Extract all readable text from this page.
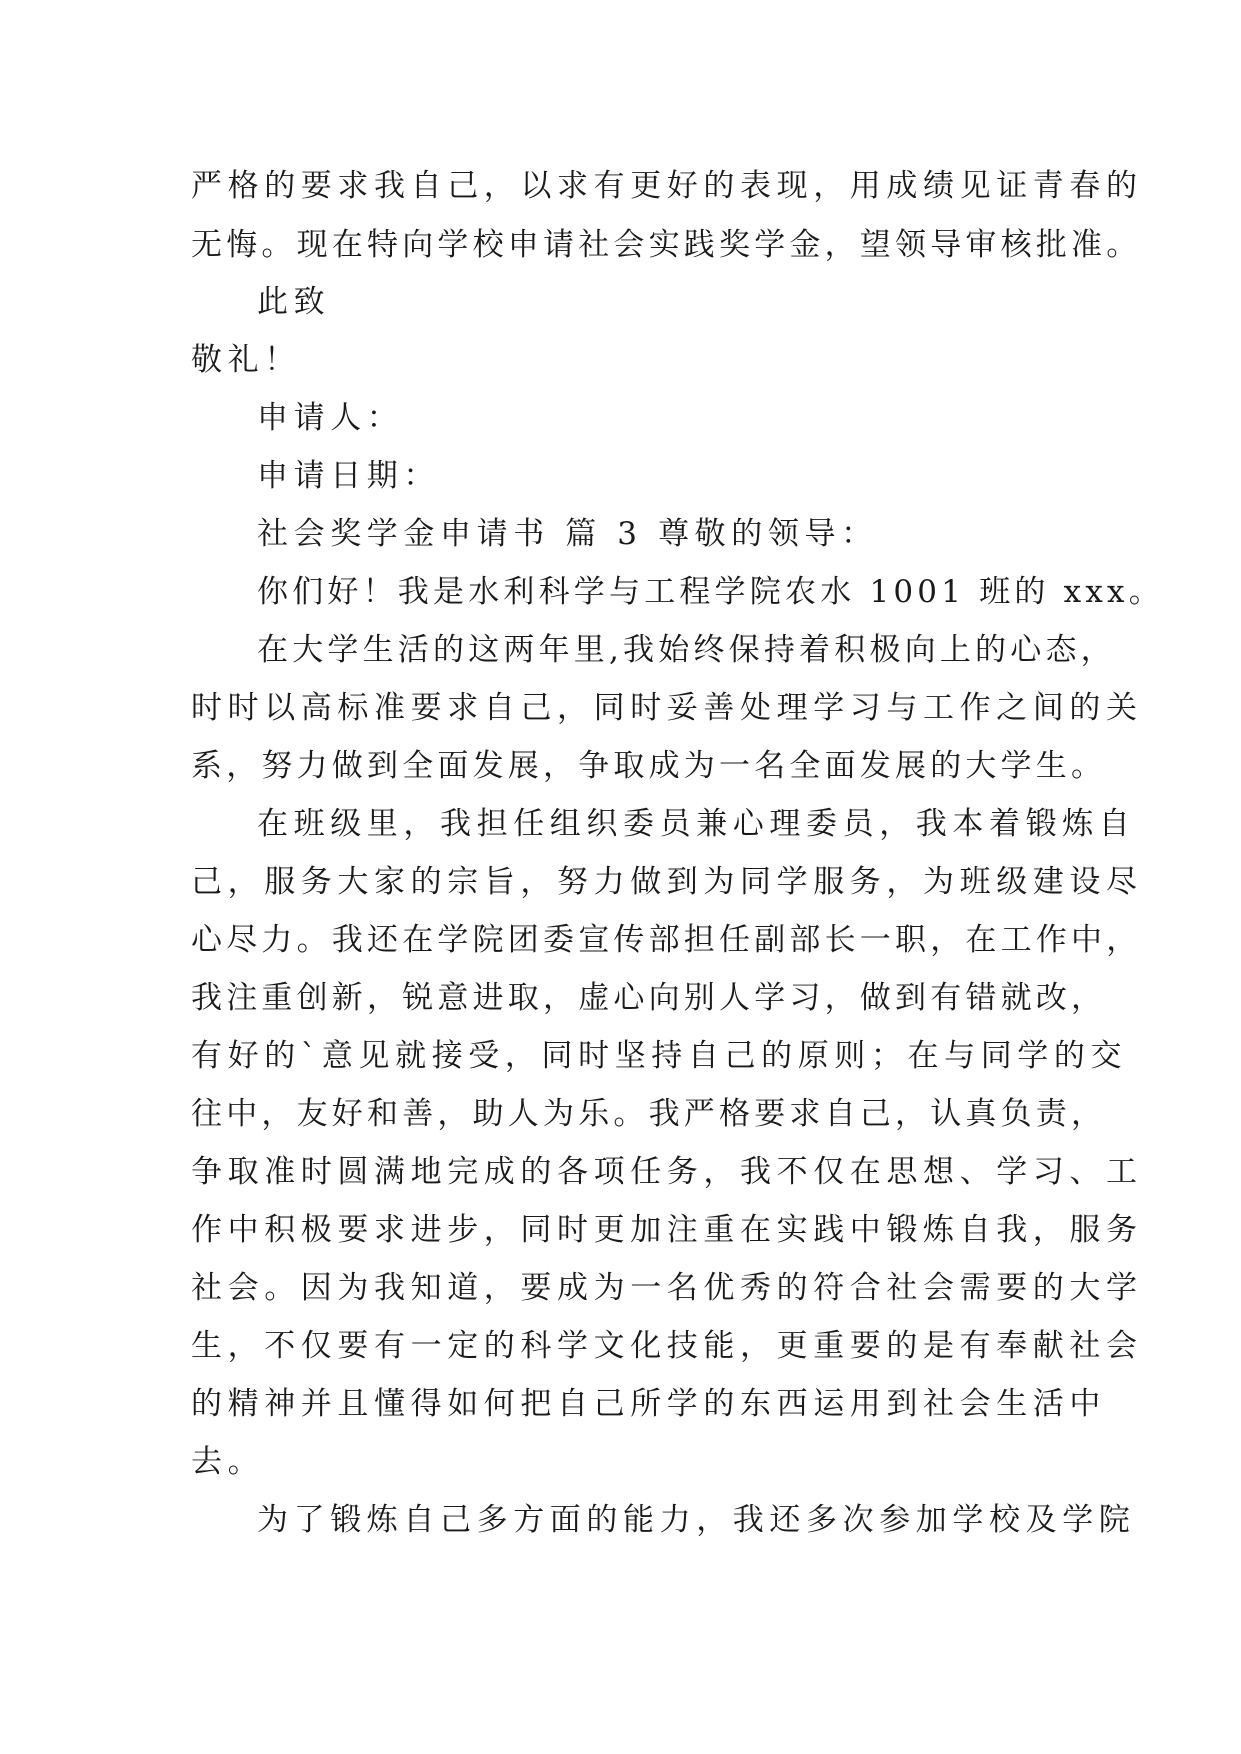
严格的要求我自己，以求有更好的表现，用成绩见证青春的
无悔。现在特向学校申请社会实践奖学金，望领导审核批准。
此致
敬礼！
申请人：
申请日期：
社会奖学金申请书 篇 3 尊敬的领导：
你们好！我是水利科学与工程学院农水 1001 班的 xxx。
在大学生活的这两年里,我始终保持着积极向上的心态，
时时以高标准要求自己，同时妥善处理学习与工作之间的关
系，努力做到全面发展，争取成为一名全面发展的大学生。
在班级里，我担任组织委员兼心理委员，我本着锻炼自
己，服务大家的宗旨，努力做到为同学服务，为班级建设尽
心尽力。我还在学院团委宣传部担任副部长一职，在工作中，
我注重创新，锐意进取，虚心向别人学习，做到有错就改，
有好的`意见就接受，同时坚持自己的原则；在与同学的交
往中，友好和善，助人为乐。我严格要求自己，认真负责，
争取准时圆满地完成的各项任务，我不仅在思想、学习、工
作中积极要求进步，同时更加注重在实践中锻炼自我，服务
社会。因为我知道，要成为一名优秀的符合社会需要的大学
生，不仅要有一定的科学文化技能，更重要的是有奉献社会
的精神并且懂得如何把自己所学的东西运用到社会生活中
去。
为了锻炼自己多方面的能力，我还多次参加学校及学院
